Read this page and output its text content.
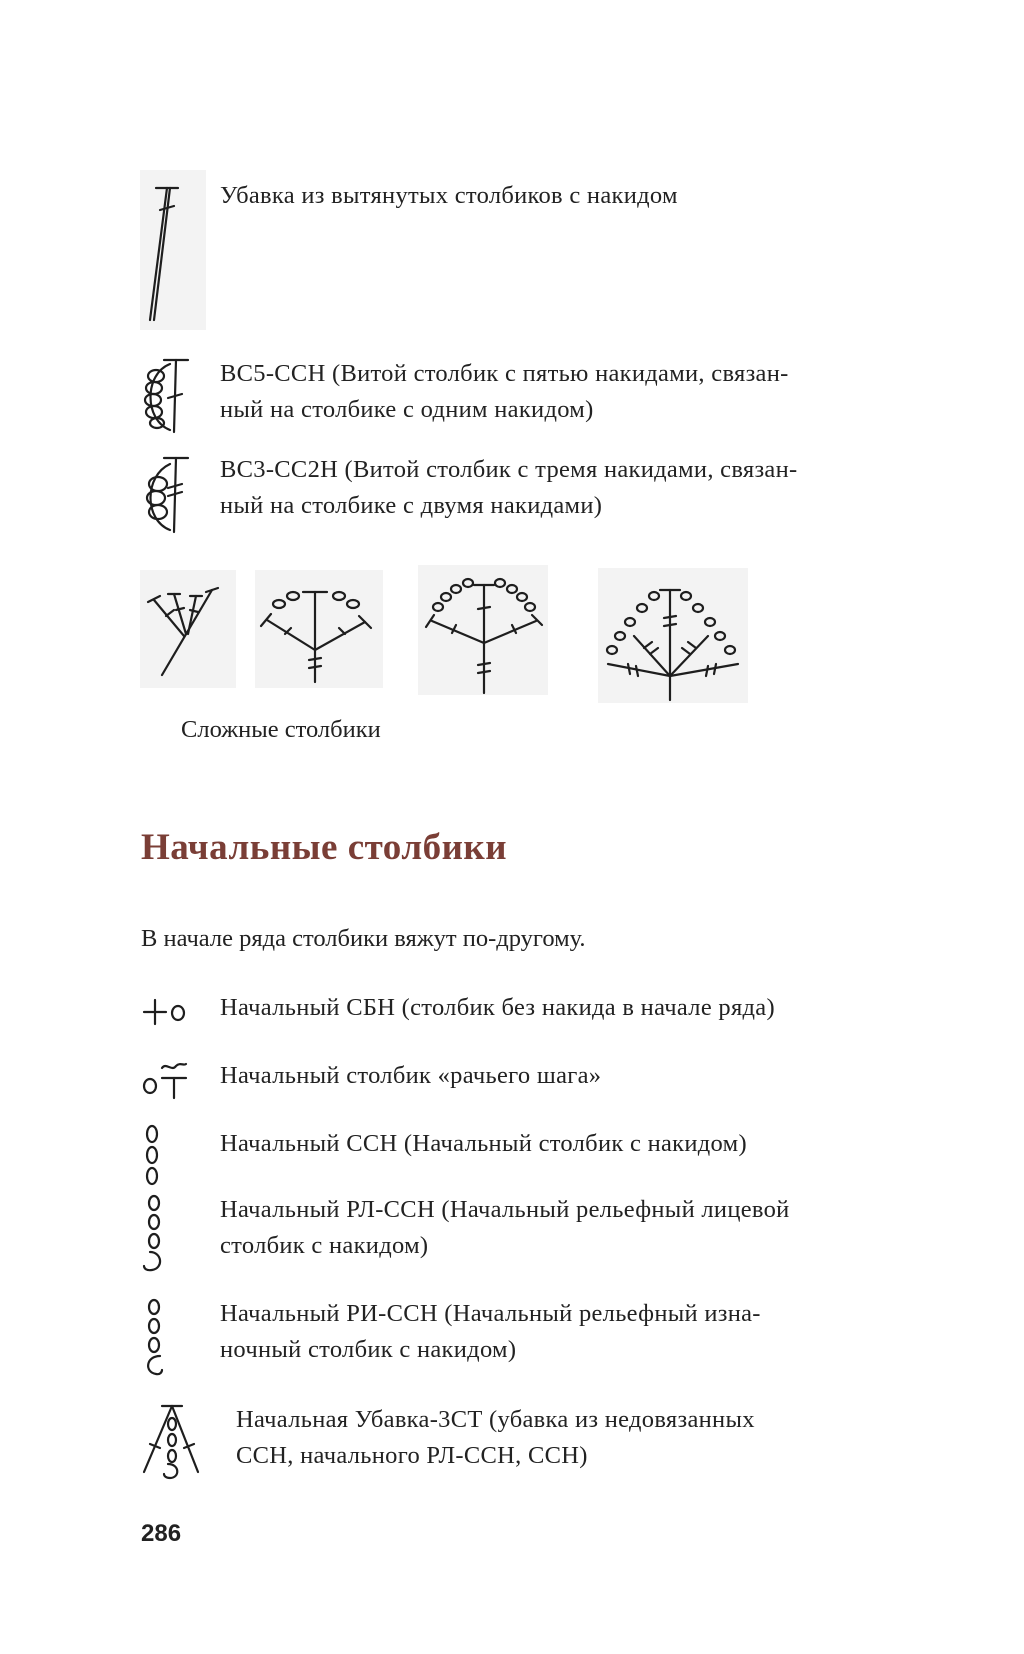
Убавка из вытянутых столбиков с накидом
ВС5-ССН (Витой столбик с пятью накидами, связан-
ный на столбике с одним накидом)
ВС3-СС2Н (Витой столбик с тремя накидами, связан-
ный на столбике с двумя накидами)
Сложные столбики
Начальные столбики
В начале ряда столбики вяжут по-другому.
Начальный СБН (столбик без накида в начале ряда)
Начальный столбик «рачьего шага»
Начальный ССН (Начальный столбик с накидом)
Начальный РЛ-ССН (Начальный рельефный лицевой
столбик с накидом)
Начальный РИ-ССН (Начальный рельефный изна-
ночный столбик с накидом)
Начальная Убавка-3СТ (убавка из недовязанных
ССН, начального РЛ-ССН, ССН)
286
